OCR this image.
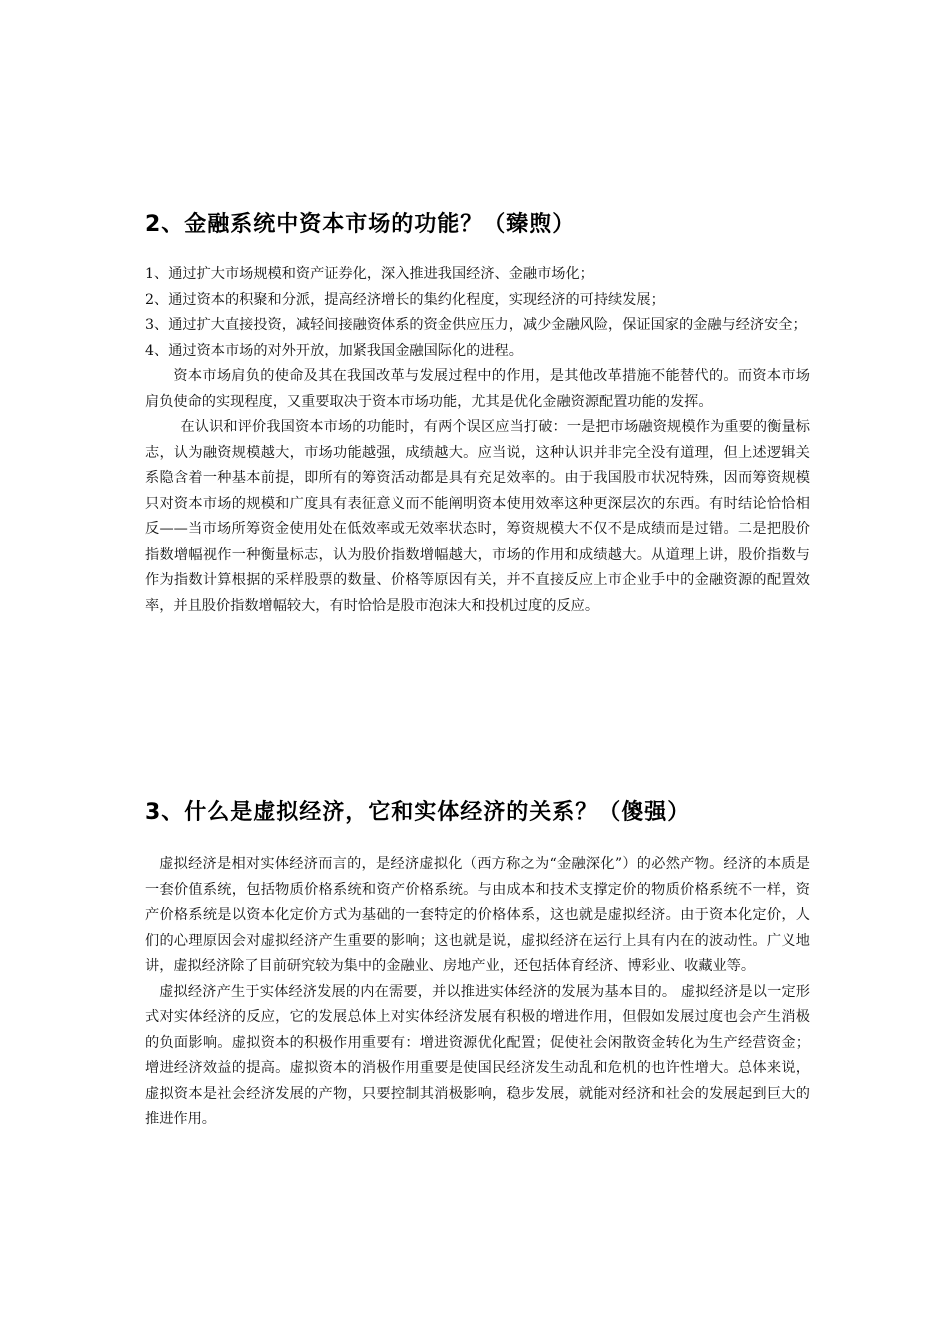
2、金融系统中资本市场的功能？（臻煦）

1、通过扩大市场规模和资产证券化，深入推进我国经济、金融市场化；

2、通过资本的积聚和分派，提高经济增长的集约化程度，实现经济的可持续发展；

3、通过扩大直接投资，减轻间接融资体系的资金供应压力，减少金融风险，保证国家的金融与经济安全；

4、通过资本市场的对外开放，加紧我国金融国际化的进程。

资本市场肩负的使命及其在我国改革与发展过程中的作用，是其他改革措施不能替代的。而资本市场肩负使命的实现程度，又重要取决于资本市场功能，尤其是优化金融资源配置功能的发挥。

在认识和评价我国资本市场的功能时，有两个误区应当打破：一是把市场融资规模作为重要的衡量标志，认为融资规模越大，市场功能越强，成绩越大。应当说，这种认识并非完全没有道理，但上述逻辑关系隐含着一种基本前提，即所有的筹资活动都是具有充足效率的。由于我国股市状况特殊，因而筹资规模只对资本市场的规模和广度具有表征意义而不能阐明资本使用效率这种更深层次的东西。有时结论恰恰相反——当市场所筹资金使用处在低效率或无效率状态时，筹资规模大不仅不是成绩而是过错。二是把股价指数增幅视作一种衡量标志，认为股价指数增幅越大，市场的作用和成绩越大。从道理上讲，股价指数与作为指数计算根据的采样股票的数量、价格等原因有关，并不直接反应上市企业手中的金融资源的配置效率，并且股价指数增幅较大，有时恰恰是股市泡沫大和投机过度的反应。

3、什么是虚拟经济，它和实体经济的关系？（傻强）

虚拟经济是相对实体经济而言的，是经济虚拟化（西方称之为“金融深化”）的必然产物。经济的本质是一套价值系统，包括物质价格系统和资产价格系统。与由成本和技术支撑定价的物质价格系统不一样，资产价格系统是以资本化定价方式为基础的一套特定的价格体系，这也就是虚拟经济。由于资本化定价，人们的心理原因会对虚拟经济产生重要的影响；这也就是说，虚拟经济在运行上具有内在的波动性。广义地讲，虚拟经济除了目前研究较为集中的金融业、房地产业，还包括体育经济、博彩业、收藏业等。

虚拟经济产生于实体经济发展的内在需要，并以推进实体经济的发展为基本目的。 虚拟经济是以一定形式对实体经济的反应，它的发展总体上对实体经济发展有积极的增进作用，但假如发展过度也会产生消极的负面影响。虚拟资本的积极作用重要有：增进资源优化配置；促使社会闲散资金转化为生产经营资金；增进经济效益的提高。虚拟资本的消极作用重要是使国民经济发生动乱和危机的也许性增大。总体来说，虚拟资本是社会经济发展的产物，只要控制其消极影响，稳步发展，就能对经济和社会的发展起到巨大的推进作用。
